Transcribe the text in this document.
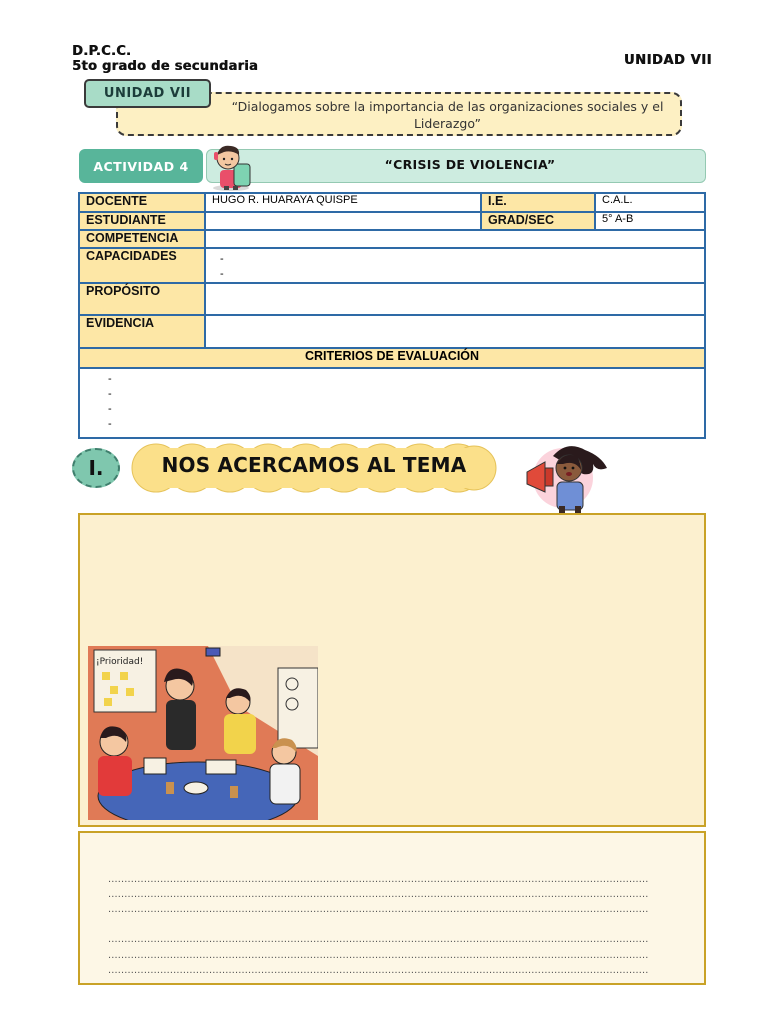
D.P.C.C.
5to grado de secundaria	UNIDAD VII
UNIDAD VII
“Dialogamos sobre la importancia de las organizaciones sociales y el Liderazgo”
ACTIVIDAD 4	“CRISIS DE VIOLENCIA”
DOCENTE	HUGO R. HUARAYA QUISPE	I.E.	C.A.L.
ESTUDIANTE		GRAD/SEC	5° A-B
COMPETENCIA			
CAPACIDADES	-
-		

PROPÓSITO			
EVIDENCIA			
CRITERIOS DE EVALUACIÓN			

-
-
-
-			
I.	NOS ACERCAMOS AL TEMA
¡Prioridad!
......................................................................................................................................................................
......................................................................................................................................................................
......................................................................................................................................................................
......................................................................................................................................................................
......................................................................................................................................................................
......................................................................................................................................................................
